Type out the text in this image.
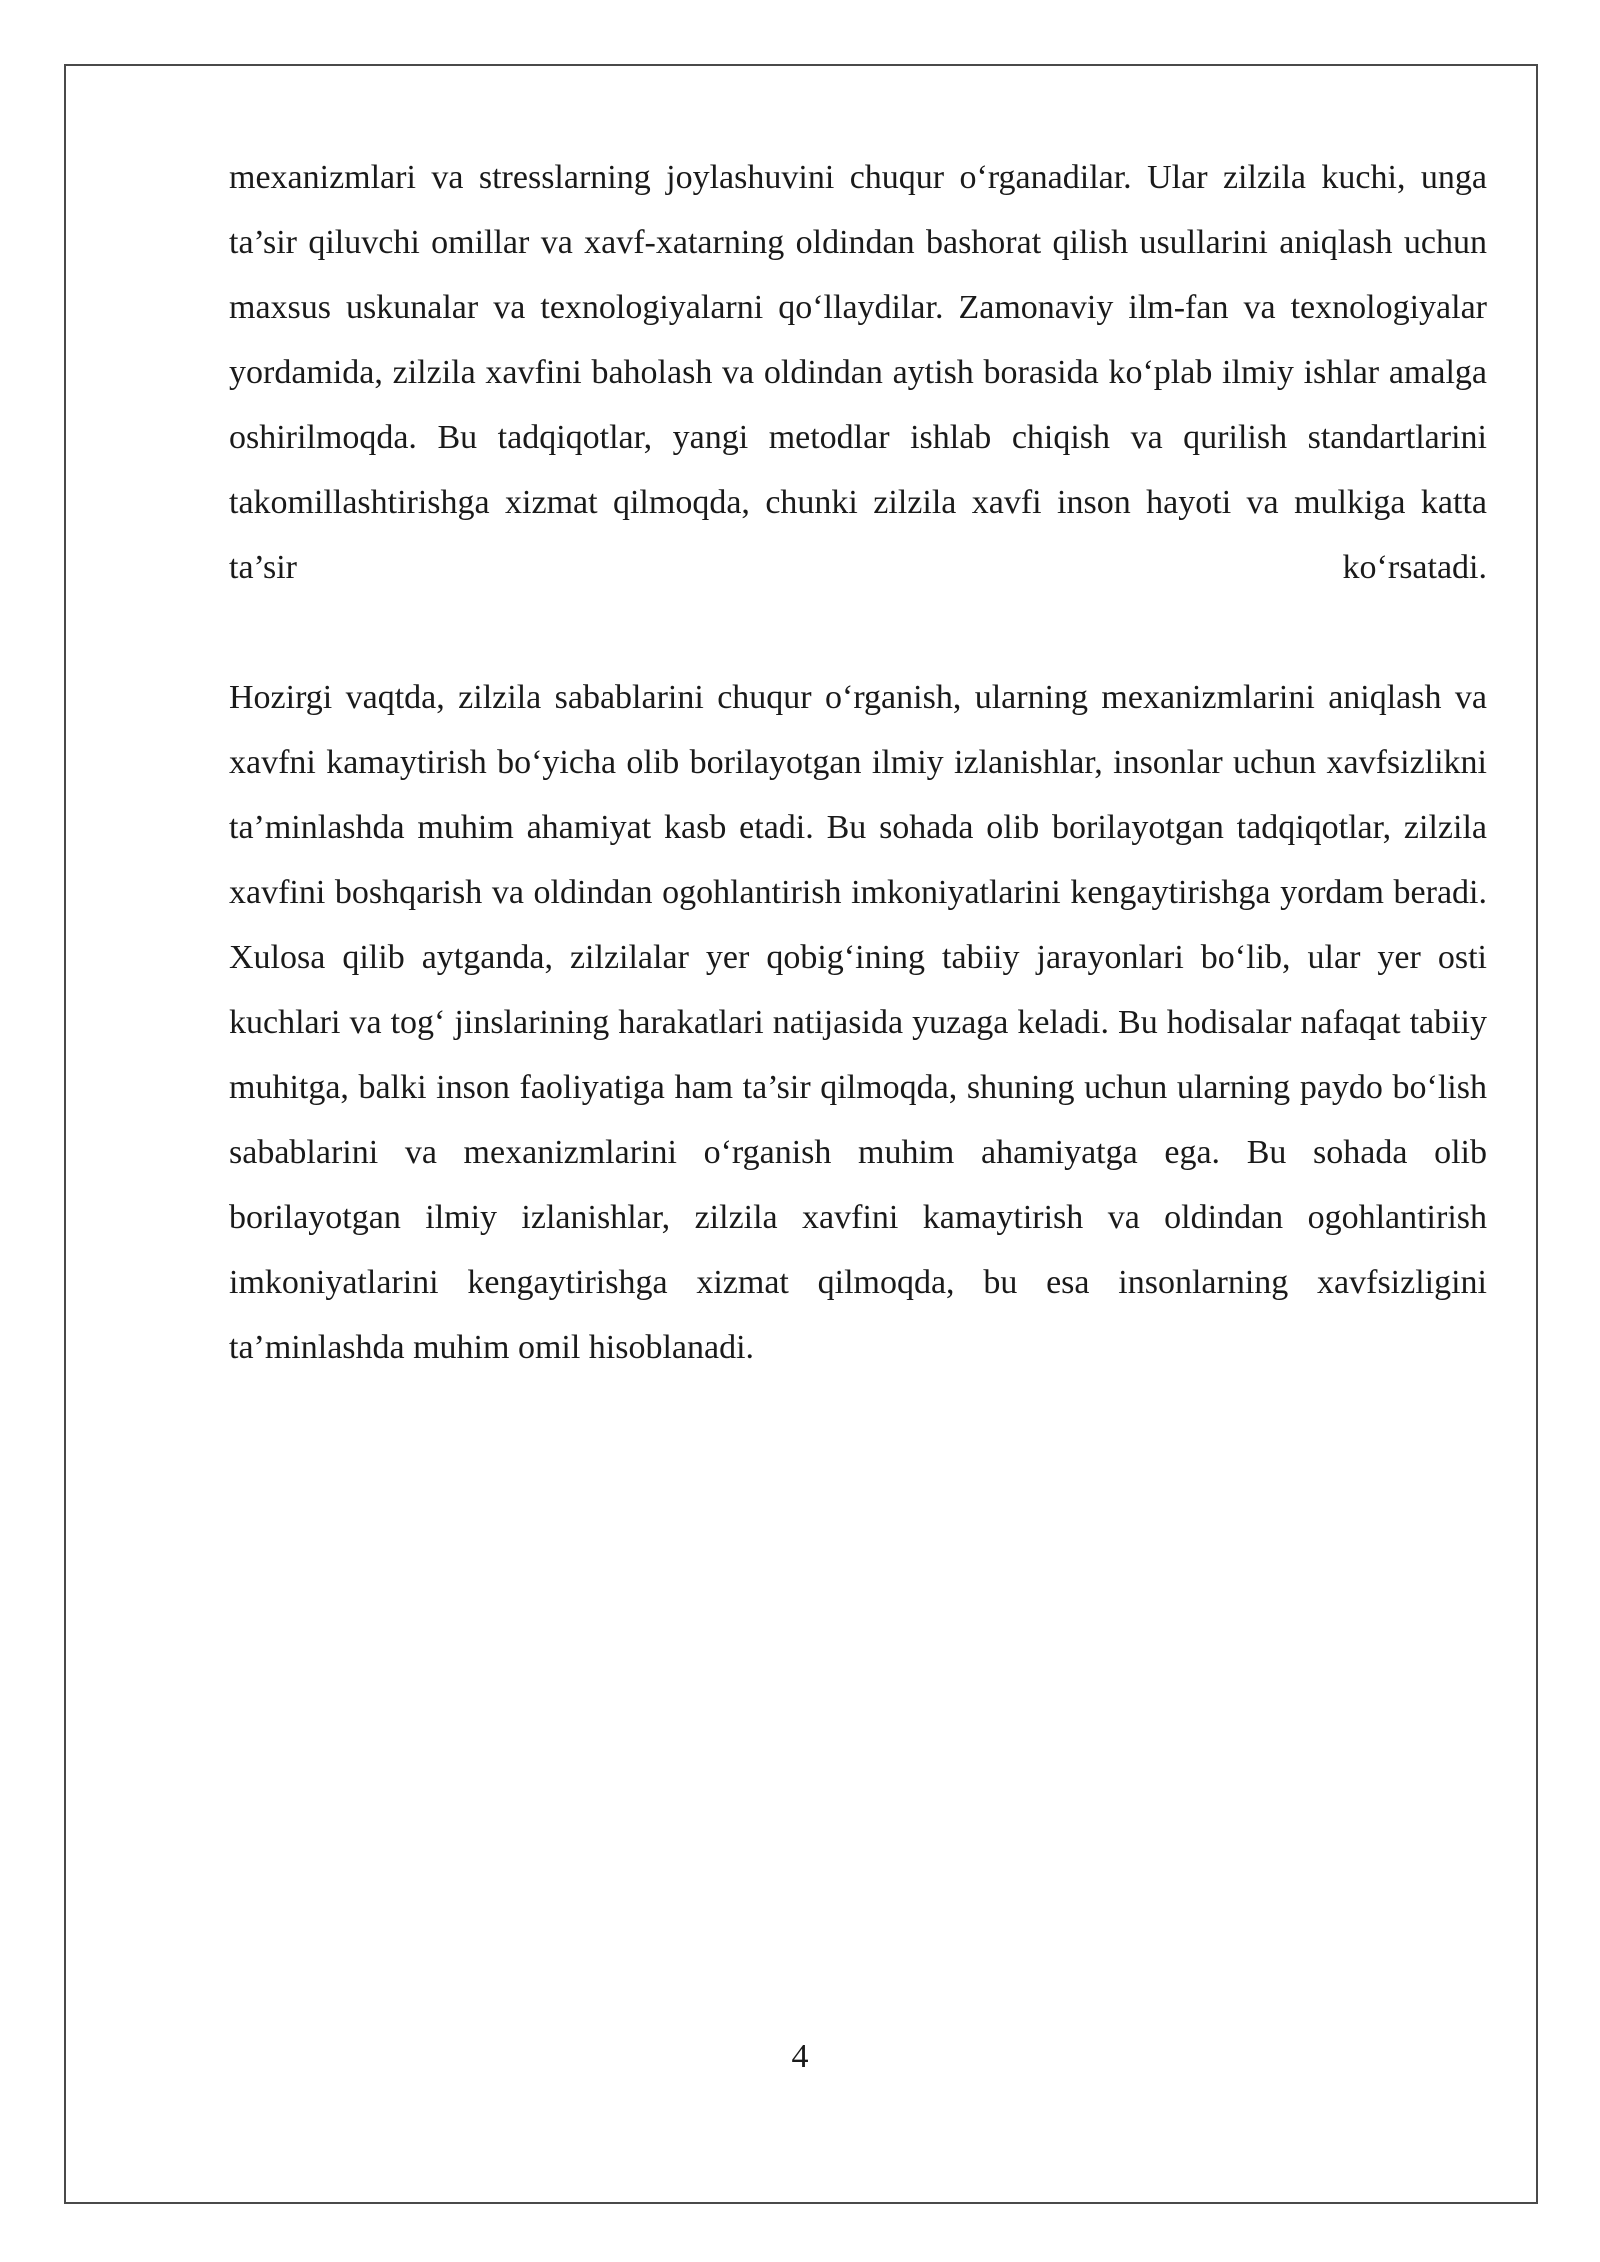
mexanizmlari va stresslarning joylashuvini chuqur o‘rganadilar. Ular zilzila kuchi, unga ta’sir qiluvchi omillar va xavf-xatarning oldindan bashorat qilish usullarini aniqlash uchun maxsus uskunalar va texnologiyalarni qo‘llaydilar. Zamonaviy ilm-fan va texnologiyalar yordamida, zilzila xavfini baholash va oldindan aytish borasida ko‘plab ilmiy ishlar amalga oshirilmoqda. Bu tadqiqotlar, yangi metodlar ishlab chiqish va qurilish standartlarini takomillashtirishga xizmat qilmoqda, chunki zilzila xavfi inson hayoti va mulkiga katta ta’sir ko‘rsatadi.

Hozirgi vaqtda, zilzila sabablarini chuqur o‘rganish, ularning mexanizmlarini aniqlash va xavfni kamaytirish bo‘yicha olib borilayotgan ilmiy izlanishlar, insonlar uchun xavfsizlikni ta’minlashda muhim ahamiyat kasb etadi. Bu sohada olib borilayotgan tadqiqotlar, zilzila xavfini boshqarish va oldindan ogohlantirish imkoniyatlarini kengaytirishga yordam beradi. Xulosa qilib aytganda, zilzilalar yer qobig‘ining tabiiy jarayonlari bo‘lib, ular yer osti kuchlari va tog‘ jinslarining harakatlari natijasida yuzaga keladi. Bu hodisalar nafaqat tabiiy muhitga, balki inson faoliyatiga ham ta’sir qilmoqda, shuning uchun ularning paydo bo‘lish sabablarini va mexanizmlarini o‘rganish muhim ahamiyatga ega. Bu sohada olib borilayotgan ilmiy izlanishlar, zilzila xavfini kamaytirish va oldindan ogohlantirish imkoniyatlarini kengaytirishga xizmat qilmoqda, bu esa insonlarning xavfsizligini ta’minlashda muhim omil hisoblanadi.

4
